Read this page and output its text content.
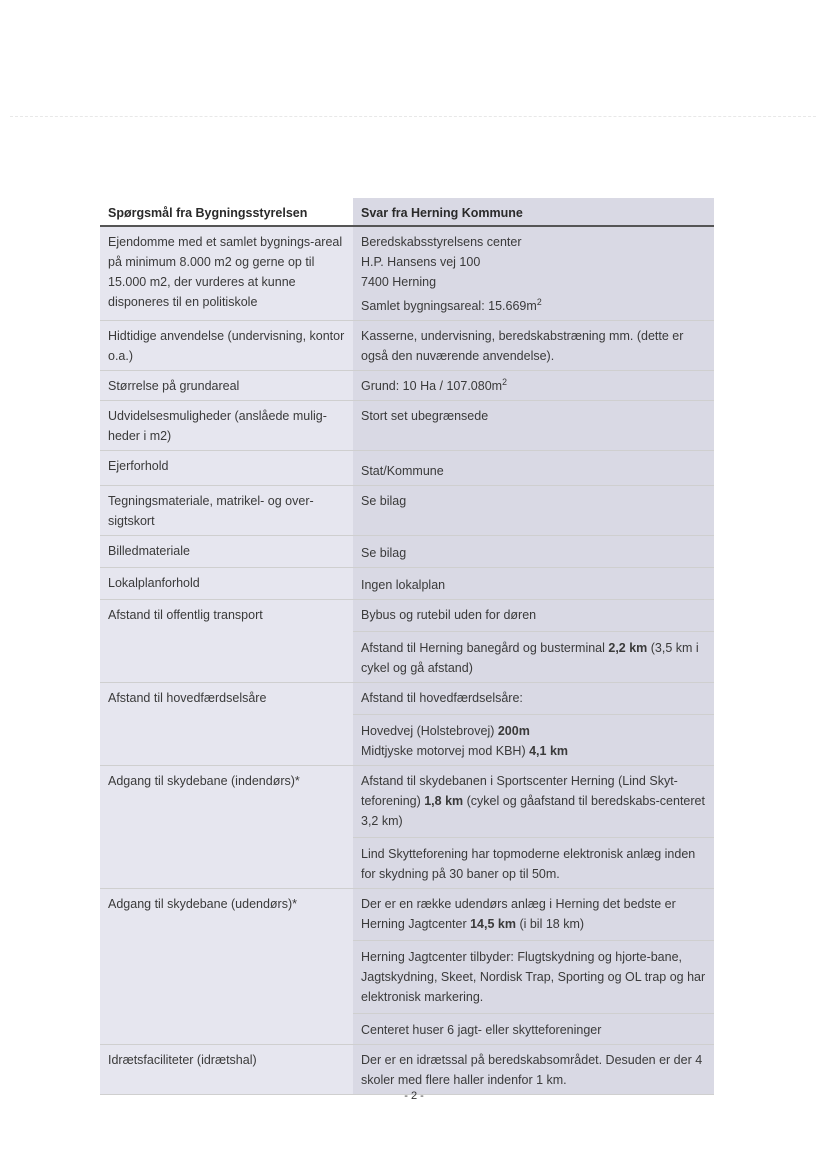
Spørgsmål fra Bygningsstyrelsen	Svar fra Herning Kommune
Ejendomme med et samlet bygnings-areal på minimum 8.000 m2 og gerne op til 15.000 m2, der vurderes at kunne disponeres til en politiskole	Beredskabsstyrelsens center
H.P. Hansens vej 100
7400 Herning
Samlet bygningsareal: $15.669m^2$

Hidtidige anvendelse (undervisning, kontor o.a.)	Kasserne, undervisning, beredskabstræning mm. (dette er også den nuværende anvendelse).
Størrelse på grundareal	Grund: 10 Ha / $107.080m^2$
Udvidelsesmuligheder (anslåede mulig-heder i m2)	Stort set ubegrænsede
Ejerforhold	Stat/Kommune
Tegningsmateriale, matrikel- og over-sigtskort	Se bilag
Billedmateriale	Se bilag
Lokalplanforhold	Ingen lokalplan
Afstand til offentlig transport	Bybus og rutebil uden for døren

Afstand til Herning banegård og busterminal 2,2 km (3,5 km i cykel og gå afstand)

Afstand til hovedfærdselsåre	Afstand til hovedfærdselsåre:

Hovedvej (Holstebrovej) 200m
Midtjyske motorvej mod KBH) 4,1 km

Adgang til skydebane (indendørs)*	Afstand til skydebanen i Sportscenter Herning (Lind Skyt-teforening) 1,8 km (cykel og gåafstand til beredskabs-centeret 3,2 km)

Lind Skytteforening har topmoderne elektronisk anlæg inden for skydning på 30 baner op til 50m.

Adgang til skydebane (udendørs)*	Der er en række udendørs anlæg i Herning det bedste er Herning Jagtcenter 14,5 km (i bil 18 km)

Herning Jagtcenter tilbyder: Flugtskydning og hjorte-bane, Jagtskydning, Skeet, Nordisk Trap, Sporting og OL trap og har elektronisk markering.

Centeret huser 6 jagt- eller skytteforeninger

Idrætsfaciliteter (idrætshal)	Der er en idrætssal på beredskabsområdet. Desuden er der 4 skoler med flere haller indenfor 1 km.
- 2 -
